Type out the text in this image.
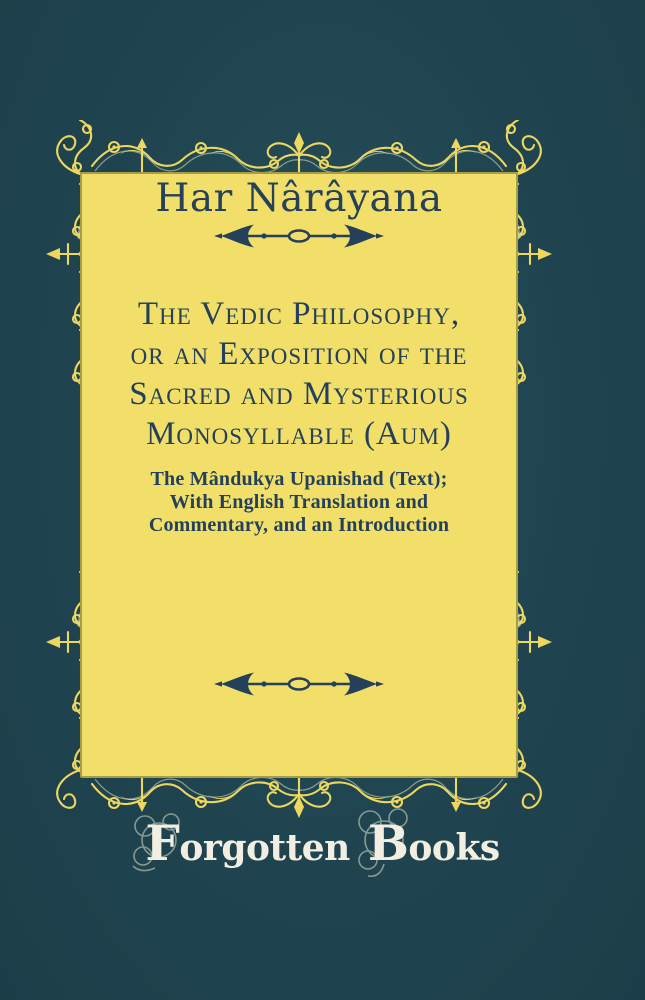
Har Nârâyana
The Vedic Philosophy,
or an Exposition of the
Sacred and Mysterious
Monosyllable (Aum)
The Mândukya Upanishad (Text);
With English Translation and
Commentary, and an Introduction
Forgotten Books
